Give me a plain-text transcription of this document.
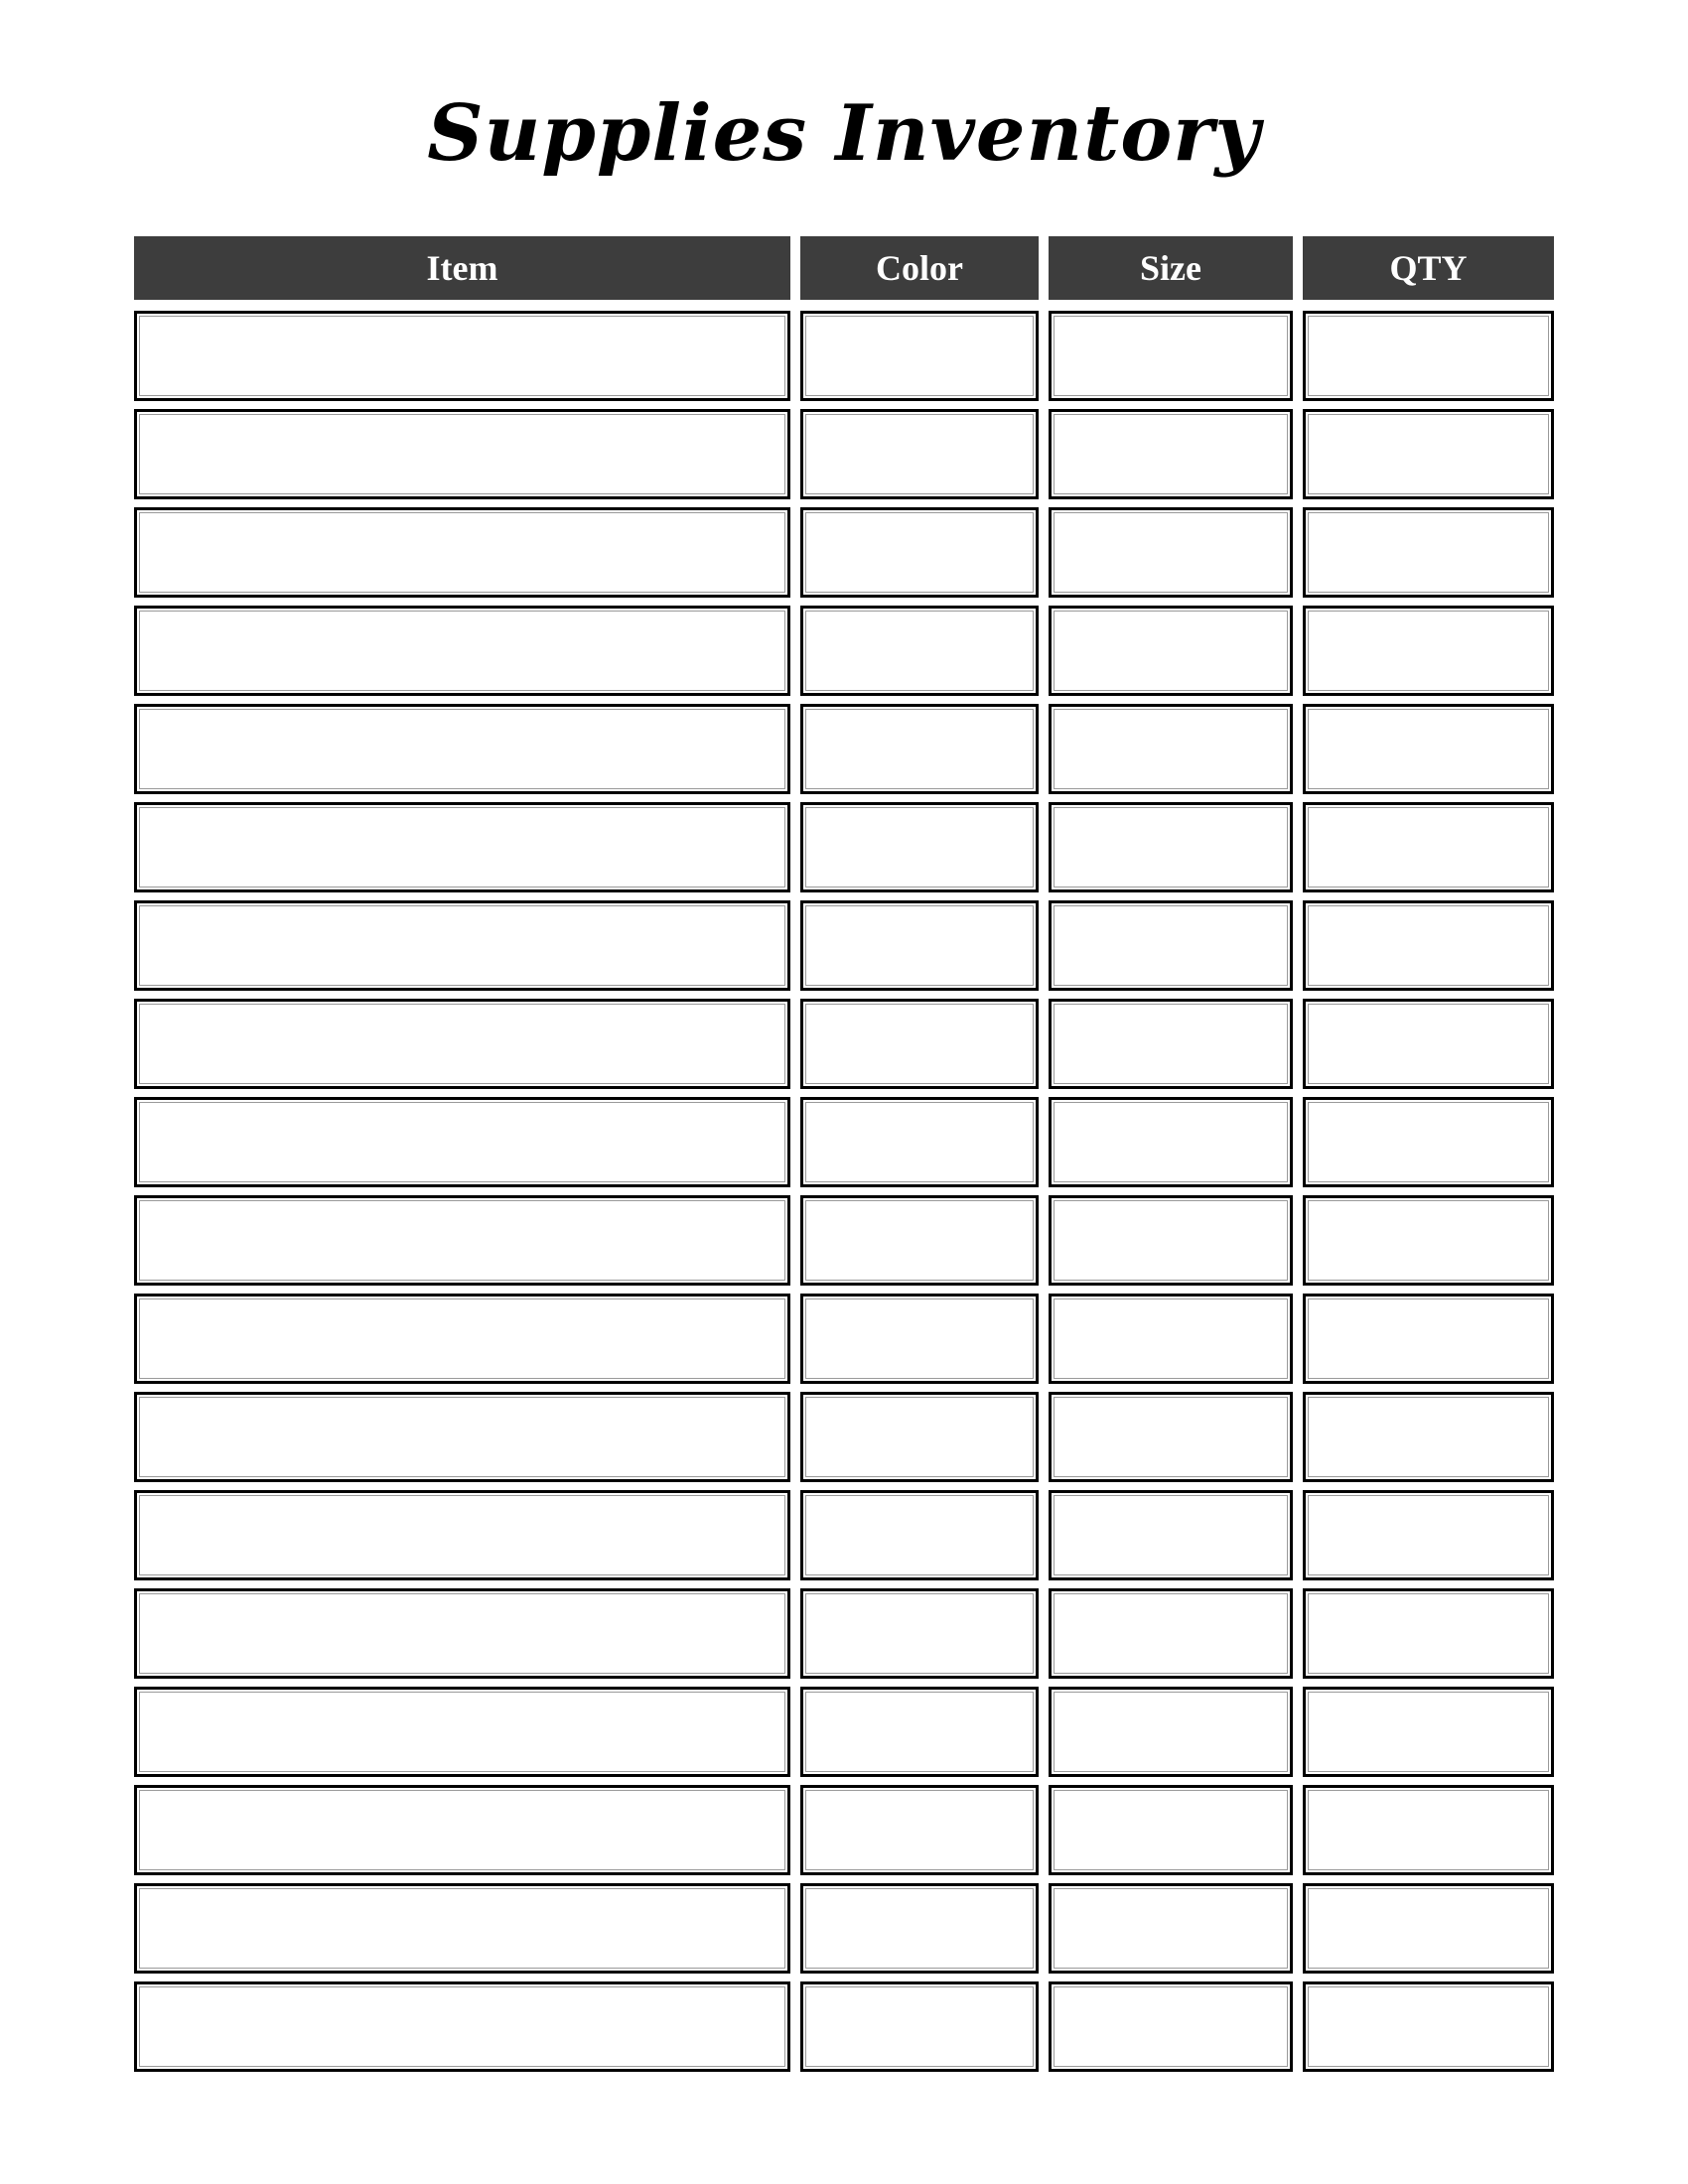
Supplies Inventory
Item	Color	Size	QTY
